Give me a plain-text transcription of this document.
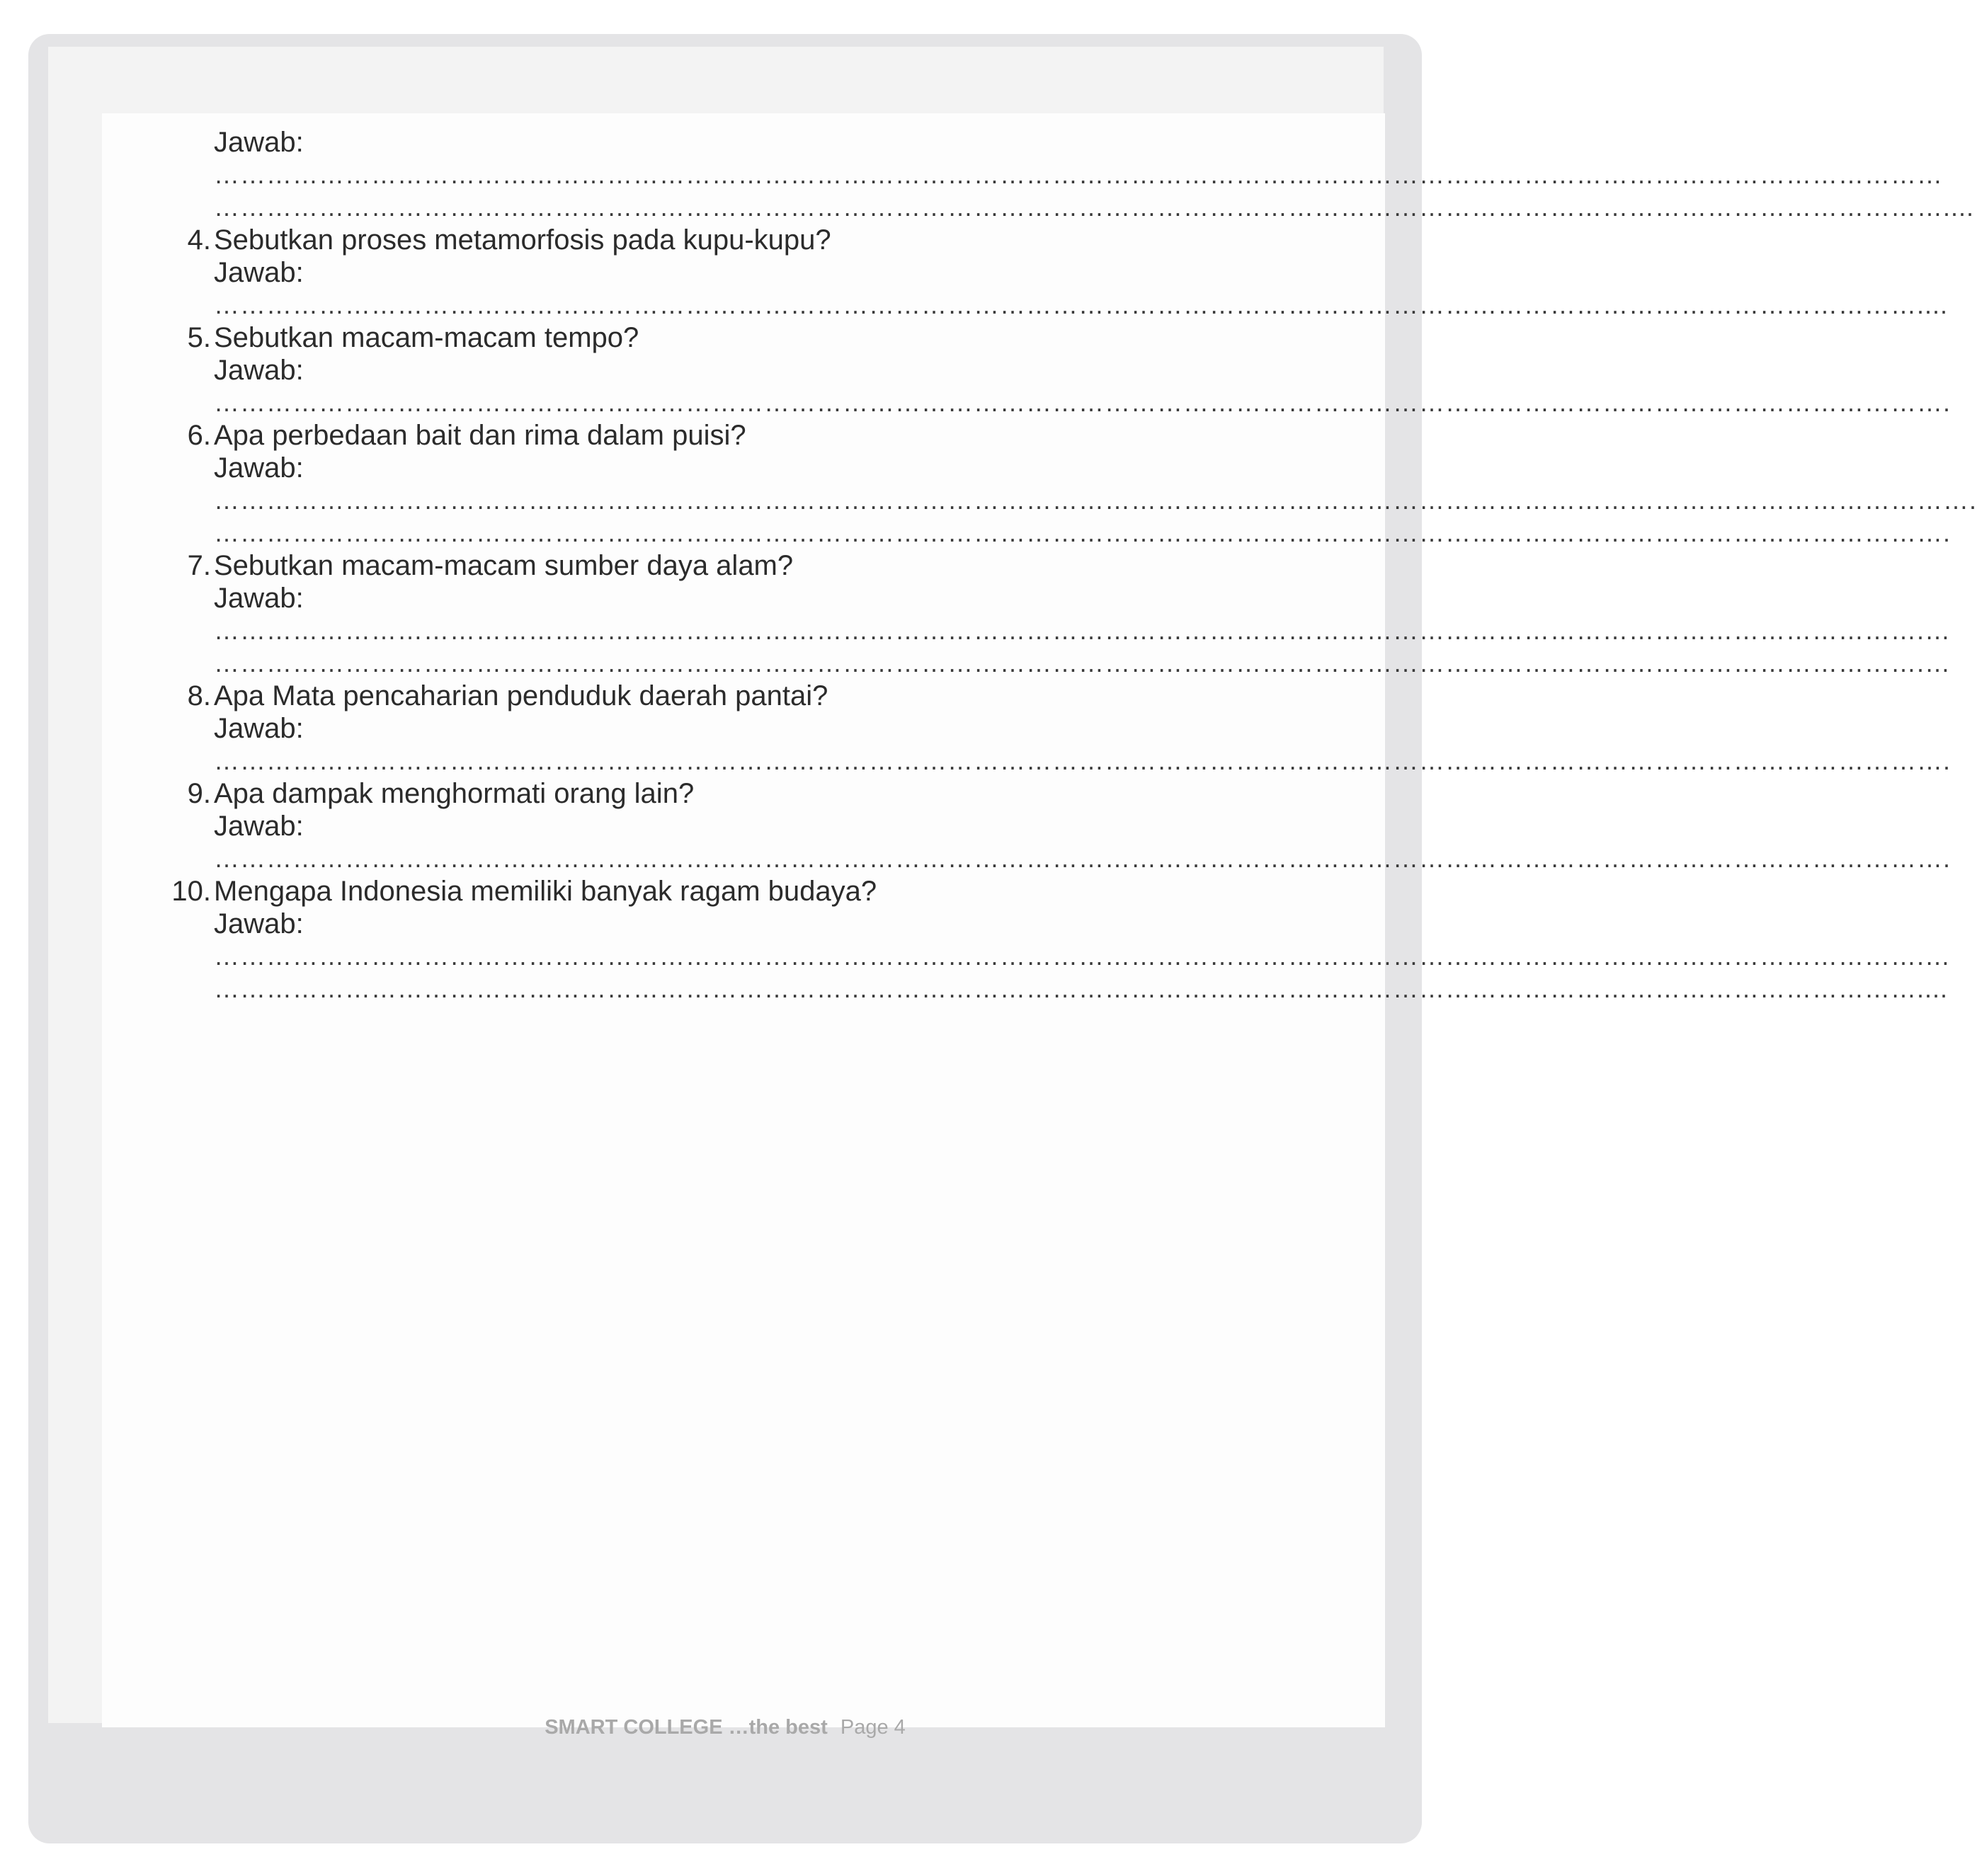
Jawab:
………………………………………………………………………………………………………………………………………………………………………………
………………………………………………………………………………………………………………………………………………………………………………....
4. Sebutkan proses metamorfosis pada kupu-kupu?
Jawab:
……………………………………………………………………………………………………………………………………………………………………………....
5. Sebutkan macam-macam tempo?
Jawab:
……………………………………………………………………………………………………………………………………………………………………………….
6. Apa perbedaan bait dan rima dalam puisi?
Jawab:
………………………………………………………………………………………………………………………………………………………………………………….
……………………………………………………………………………………………………………………………………………………………………………….
7. Sebutkan macam-macam sumber daya alam?
Jawab:
…………………………………………………………………………………………………………………………………………………………………………….…
…………………………………………………………………………………………………………………………………………………………………………….…
8. Apa Mata pencaharian penduduk daerah pantai?
Jawab:
……………………………………………………………………………………………………………………………………………………………………………….
9. Apa dampak menghormati orang lain?
Jawab:
……………………………………………………………………………………………………………………………………………………………………………….
10. Mengapa Indonesia memiliki banyak ragam budaya?
Jawab:
…………………………………………………………………………………………………………………………………………………………………………….…
……………………………………………………………………………………………………………………………………………………………………………....
SMART COLLEGE …the best Page 4
